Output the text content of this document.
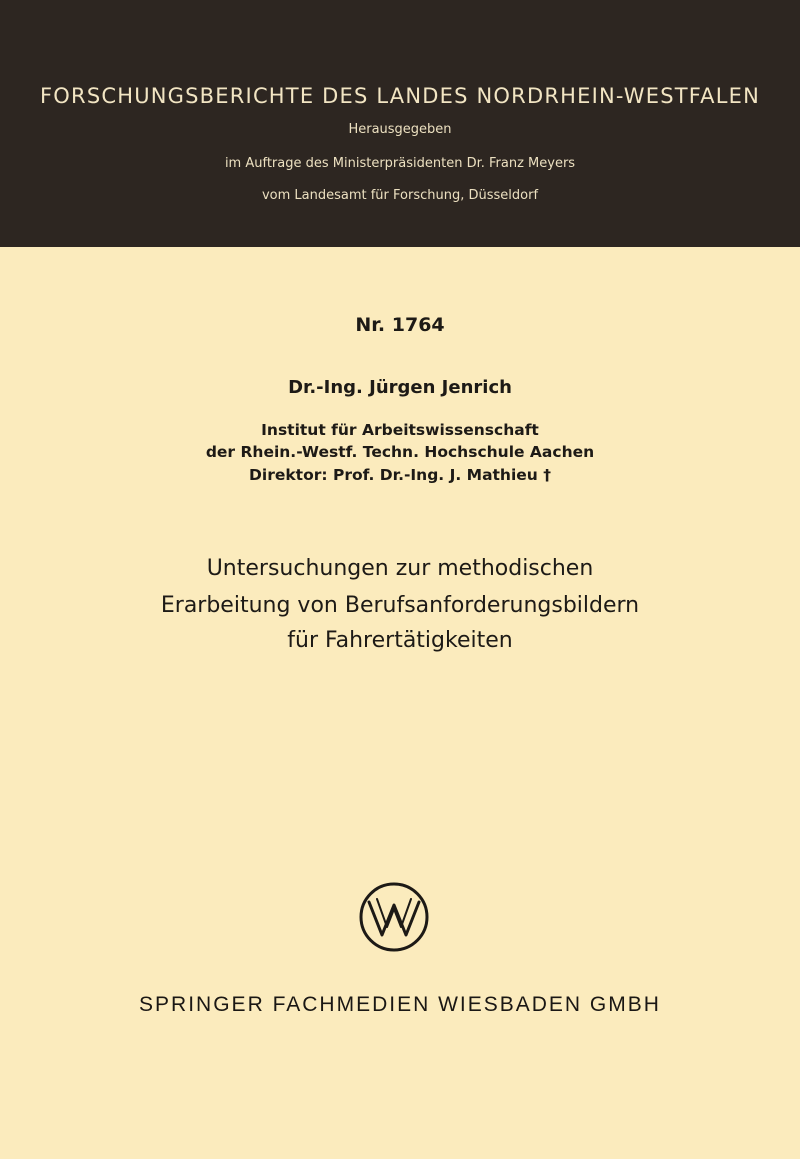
FORSCHUNGSBERICHTE DES LANDES NORDRHEIN-WESTFALEN
Herausgegeben
im Auftrage des Ministerpräsidenten Dr. Franz Meyers
vom Landesamt für Forschung, Düsseldorf
Nr. 1764
Dr.-Ing. Jürgen Jenrich
Institut für Arbeitswissenschaft
der Rhein.-Westf. Techn. Hochschule Aachen
Direktor: Prof. Dr.-Ing. J. Mathieu †
Untersuchungen zur methodischen
Erarbeitung von Berufsanforderungsbildern
für Fahrertätigkeiten
SPRINGER FACHMEDIEN WIESBADEN GMBH
